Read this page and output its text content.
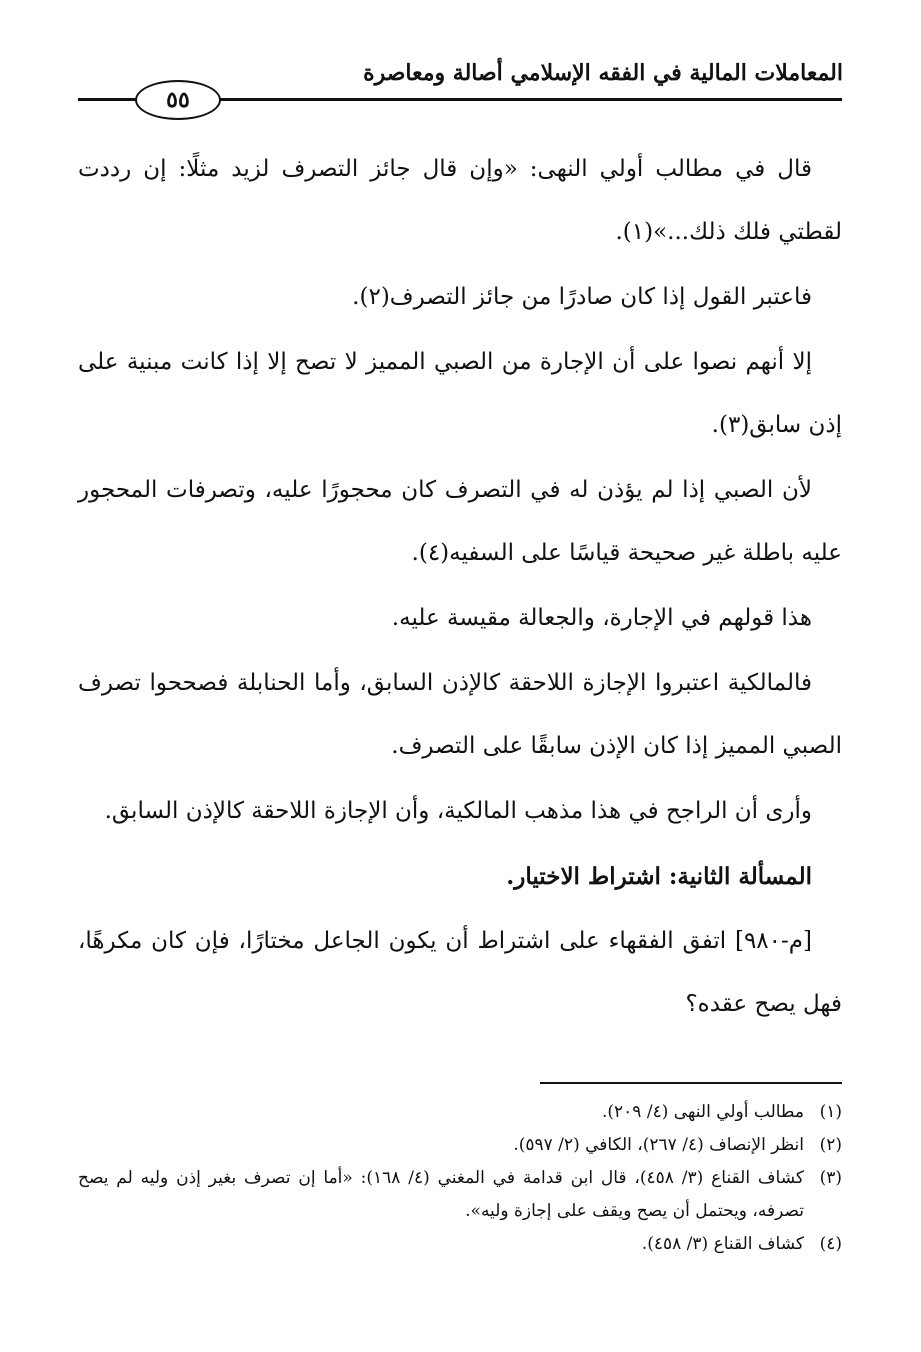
المعاملات المالية في الفقه الإسلامي أصالة ومعاصرة
٥٥

قال في مطالب أولي النهى: «وإن قال جائز التصرف لزيد مثلًا: إن رددت لقطتي فلك ذلك...»(١).

فاعتبر القول إذا كان صادرًا من جائز التصرف(٢).

إلا أنهم نصوا على أن الإجارة من الصبي المميز لا تصح إلا إذا كانت مبنية على إذن سابق(٣).

لأن الصبي إذا لم يؤذن له في التصرف كان محجورًا عليه، وتصرفات المحجور عليه باطلة غير صحيحة قياسًا على السفيه(٤).

هذا قولهم في الإجارة، والجعالة مقيسة عليه.

فالمالكية اعتبروا الإجازة اللاحقة كالإذن السابق، وأما الحنابلة فصححوا تصرف الصبي المميز إذا كان الإذن سابقًا على التصرف.

وأرى أن الراجح في هذا مذهب المالكية، وأن الإجازة اللاحقة كالإذن السابق.

المسألة الثانية: اشتراط الاختيار.

[م-٩٨٠] اتفق الفقهاء على اشتراط أن يكون الجاعل مختارًا، فإن كان مكرهًا، فهل يصح عقده؟

(١)
مطالب أولي النهى (٤/ ٢٠٩).

(٢)
انظر الإنصاف (٤/ ٢٦٧)، الكافي (٢/ ٥٩٧).

(٣)
كشاف القناع (٣/ ٤٥٨)، قال ابن قدامة في المغني (٤/ ١٦٨): «أما إن تصرف بغير إذن وليه لم يصح تصرفه، ويحتمل أن يصح ويقف على إجازة وليه».

(٤)
كشاف القناع (٣/ ٤٥٨).
